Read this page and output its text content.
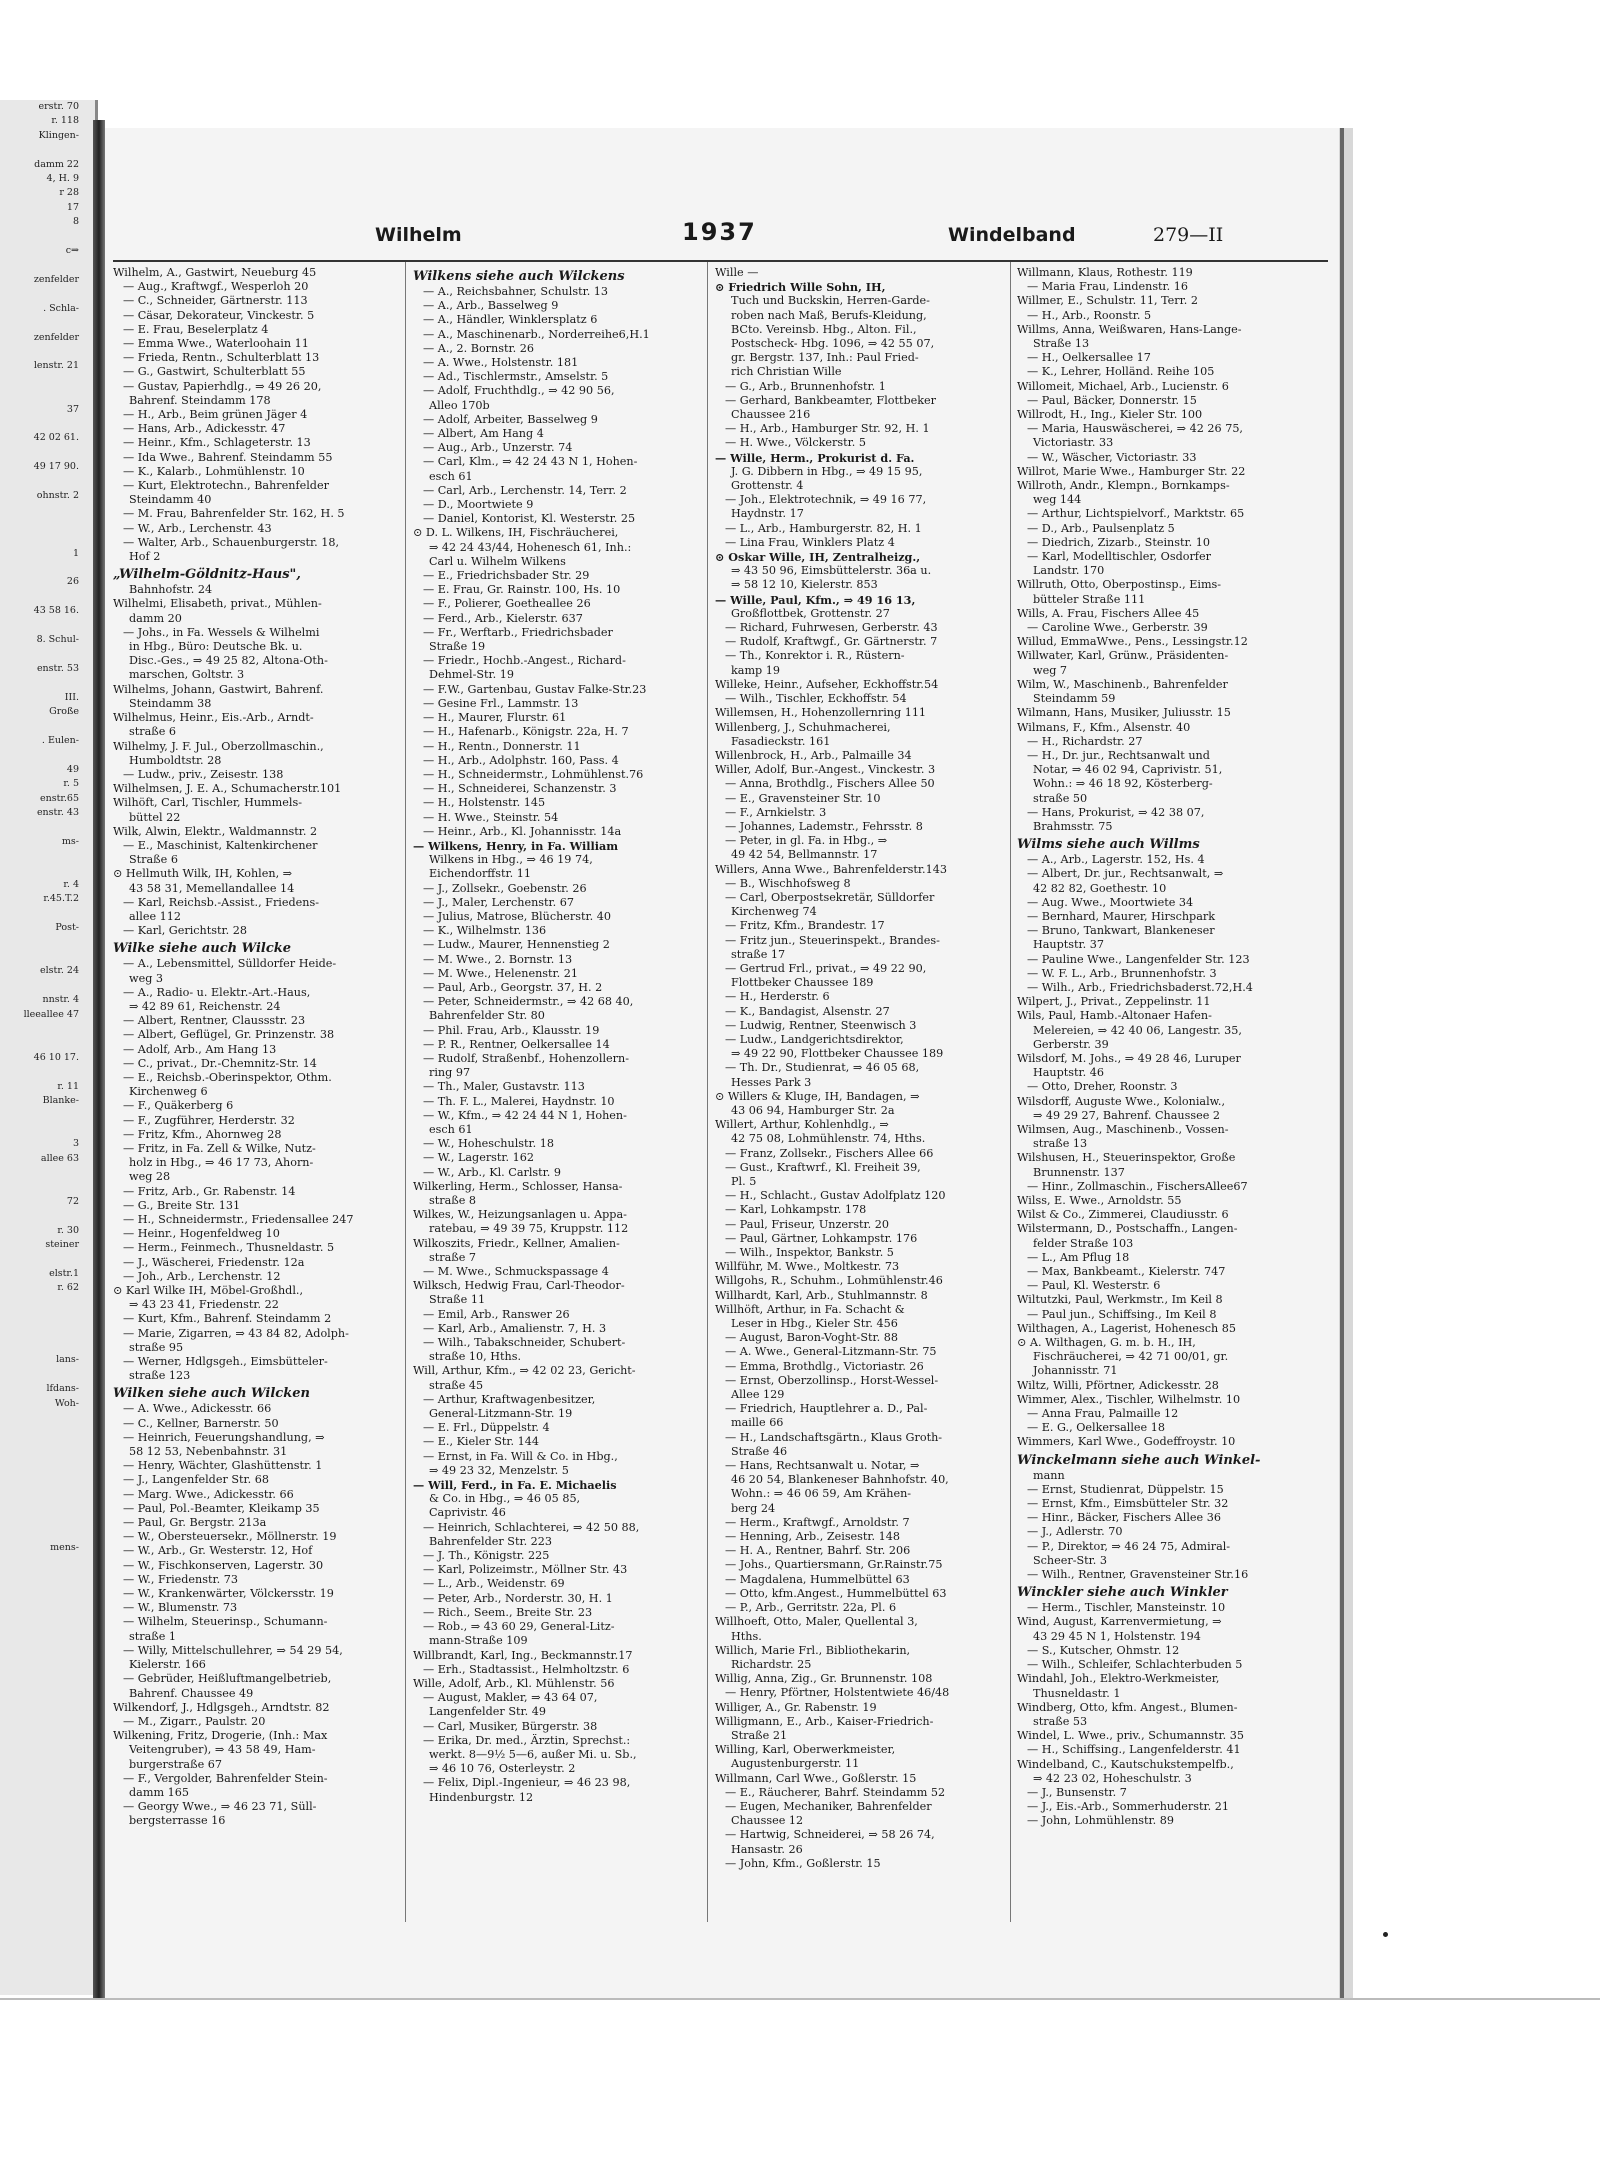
erstr. 70
r. 118
Klingen-

damm 22
4, H. 9
r 28
17
8

c⇒

zenfelder

. Schla-

zenfelder

lenstr. 21

37

42 02 61.

49 17 90.

ohnstr. 2

1

26

43 58 16.

8. Schul-

enstr. 53

III.
Große

. Eulen-

49
r. 5
enstr.65
enstr. 43

ms-

r. 4
r.45.T.2

Post-

elstr. 24

nnstr. 4
lleeallee 47

46 10 17.

r. 11
Blanke-

3
allee 63

72

r. 30
steiner

elstr.1
r. 62

lans-

lfdans-
Woh-

mens-
Wilhelm	1937	Windelband	279—II
Wilhelm, A., Gastwirt, Neueburg 45
— Aug., Kraftwgf., Wesperloh 20
— C., Schneider, Gärtnerstr. 113
— Cäsar, Dekorateur, Vinckestr. 5
— E. Frau, Beselerplatz 4
— Emma Wwe., Waterloohain 11
— Frieda, Rentn., Schulterblatt 13
— G., Gastwirt, Schulterblatt 55
— Gustav, Papierhdlg., ⇒ 49 26 20,
Bahrenf. Steindamm 178
— H., Arb., Beim grünen Jäger 4
— Hans, Arb., Adickesstr. 47
— Heinr., Kfm., Schlageterstr. 13
— Ida Wwe., Bahrenf. Steindamm 55
— K., Kalarb., Lohmühlenstr. 10
— Kurt, Elektrotechn., Bahrenfelder
Steindamm 40
— M. Frau, Bahrenfelder Str. 162, H. 5
— W., Arb., Lerchenstr. 43
— Walter, Arb., Schauenburgerstr. 18,
Hof 2
„Wilhelm-Göldnitz-Haus",
Bahnhofstr. 24
Wilhelmi, Elisabeth, privat., Mühlen-
damm 20
— Johs., in Fa. Wessels & Wilhelmi
in Hbg., Büro: Deutsche Bk. u.
Disc.-Ges., ⇒ 49 25 82, Altona-Oth-
marschen, Goltstr. 3
Wilhelms, Johann, Gastwirt, Bahrenf.
Steindamm 38
Wilhelmus, Heinr., Eis.-Arb., Arndt-
straße 6
Wilhelmy, J. F. Jul., Oberzollmaschin.,
Humboldtstr. 28
— Ludw., priv., Zeisestr. 138
Wilhelmsen, J. E. A., Schumacherstr.101
Wilhöft, Carl, Tischler, Hummels-
büttel 22
Wilk, Alwin, Elektr., Waldmannstr. 2
— E., Maschinist, Kaltenkirchener
Straße 6
⊙ Hellmuth Wilk, IH, Kohlen, ⇒
43 58 31, Memellandallee 14
— Karl, Reichsb.-Assist., Friedens-
allee 112
— Karl, Gerichtstr. 28
Wilke siehe auch Wilcke
— A., Lebensmittel, Sülldorfer Heide-
weg 3
— A., Radio- u. Elektr.-Art.-Haus,
⇒ 42 89 61, Reichenstr. 24
— Albert, Rentner, Claussstr. 23
— Albert, Geflügel, Gr. Prinzenstr. 38
— Adolf, Arb., Am Hang 13
— C., privat., Dr.-Chemnitz-Str. 14
— E., Reichsb.-Oberinspektor, Othm.
Kirchenweg 6
— F., Quäkerberg 6
— F., Zugführer, Herderstr. 32
— Fritz, Kfm., Ahornweg 28
— Fritz, in Fa. Zell & Wilke, Nutz-
holz in Hbg., ⇒ 46 17 73, Ahorn-
weg 28
— Fritz, Arb., Gr. Rabenstr. 14
— G., Breite Str. 131
— H., Schneidermstr., Friedensallee 247
— Heinr., Hogenfeldweg 10
— Herm., Feinmech., Thusneldastr. 5
— J., Wäscherei, Friedenstr. 12a
— Joh., Arb., Lerchenstr. 12
⊙ Karl Wilke IH, Möbel-Großhdl.,
⇒ 43 23 41, Friedenstr. 22
— Kurt, Kfm., Bahrenf. Steindamm 2
— Marie, Zigarren, ⇒ 43 84 82, Adolph-
straße 95
— Werner, Hdlgsgeh., Eimsbütteler-
straße 123
Wilken siehe auch Wilcken
— A. Wwe., Adickesstr. 66
— C., Kellner, Barnerstr. 50
— Heinrich, Feuerungshandlung, ⇒
58 12 53, Nebenbahnstr. 31
— Henry, Wächter, Glashüttenstr. 1
— J., Langenfelder Str. 68
— Marg. Wwe., Adickesstr. 66
— Paul, Pol.-Beamter, Kleikamp 35
— Paul, Gr. Bergstr. 213a
— W., Obersteuersekr., Möllnerstr. 19
— W., Arb., Gr. Westerstr. 12, Hof
— W., Fischkonserven, Lagerstr. 30
— W., Friedenstr. 73
— W., Krankenwärter, Völckersstr. 19
— W., Blumenstr. 73
— Wilhelm, Steuerinsp., Schumann-
straße 1
— Willy, Mittelschullehrer, ⇒ 54 29 54,
Kielerstr. 166
— Gebrüder, Heißluftmangelbetrieb,
Bahrenf. Chaussee 49
Wilkendorf, J., Hdlgsgeh., Arndtstr. 82
— M., Zigarr., Paulstr. 20
Wilkening, Fritz, Drogerie, (Inh.: Max
Veitengruber), ⇒ 43 58 49, Ham-
burgerstraße 67
— F., Vergolder, Bahrenfelder Stein-
damm 165
— Georgy Wwe., ⇒ 46 23 71, Süll-
bergsterrasse 16
Wilkens siehe auch Wilckens
— A., Reichsbahner, Schulstr. 13
— A., Arb., Basselweg 9
— A., Händler, Winklersplatz 6
— A., Maschinenarb., Norderreihe6,H.1
— A., 2. Bornstr. 26
— A. Wwe., Holstenstr. 181
— Ad., Tischlermstr., Amselstr. 5
— Adolf, Fruchthdlg., ⇒ 42 90 56,
Alleo 170b
— Adolf, Arbeiter, Basselweg 9
— Albert, Am Hang 4
— Aug., Arb., Unzerstr. 74
— Carl, Klm., ⇒ 42 24 43 N 1, Hohen-
esch 61
— Carl, Arb., Lerchenstr. 14, Terr. 2
— D., Moortwiete 9
— Daniel, Kontorist, Kl. Westerstr. 25
⊙ D. L. Wilkens, IH, Fischräucherei,
⇒ 42 24 43/44, Hohenesch 61, Inh.:
Carl u. Wilhelm Wilkens
— E., Friedrichsbader Str. 29
— E. Frau, Gr. Rainstr. 100, Hs. 10
— F., Polierer, Goetheallee 26
— Ferd., Arb., Kielerstr. 637
— Fr., Werftarb., Friedrichsbader
Straße 19
— Friedr., Hochb.-Angest., Richard-
Dehmel-Str. 19
— F.W., Gartenbau, Gustav Falke-Str.23
— Gesine Frl., Lammstr. 13
— H., Maurer, Flurstr. 61
— H., Hafenarb., Königstr. 22a, H. 7
— H., Rentn., Donnerstr. 11
— H., Arb., Adolphstr. 160, Pass. 4
— H., Schneidermstr., Lohmühlenst.76
— H., Schneiderei, Schanzenstr. 3
— H., Holstenstr. 145
— H. Wwe., Steinstr. 54
— Heinr., Arb., Kl. Johannisstr. 14a
— Wilkens, Henry, in Fa. William
Wilkens in Hbg., ⇒ 46 19 74,
Eichendorffstr. 11
— J., Zollsekr., Goebenstr. 26
— J., Maler, Lerchenstr. 67
— Julius, Matrose, Blücherstr. 40
— K., Wilhelmstr. 136
— Ludw., Maurer, Hennenstieg 2
— M. Wwe., 2. Bornstr. 13
— M. Wwe., Helenenstr. 21
— Paul, Arb., Georgstr. 37, H. 2
— Peter, Schneidermstr., ⇒ 42 68 40,
Bahrenfelder Str. 80
— Phil. Frau, Arb., Klausstr. 19
— P. R., Rentner, Oelkersallee 14
— Rudolf, Straßenbf., Hohenzollern-
ring 97
— Th., Maler, Gustavstr. 113
— Th. F. L., Malerei, Haydnstr. 10
— W., Kfm., ⇒ 42 24 44 N 1, Hohen-
esch 61
— W., Hoheschulstr. 18
— W., Lagerstr. 162
— W., Arb., Kl. Carlstr. 9
Wilkerling, Herm., Schlosser, Hansa-
straße 8
Wilkes, W., Heizungsanlagen u. Appa-
ratebau, ⇒ 49 39 75, Kruppstr. 112
Wilkoszits, Friedr., Kellner, Amalien-
straße 7
— M. Wwe., Schmuckspassage 4
Wilksch, Hedwig Frau, Carl-Theodor-
Straße 11
— Emil, Arb., Ranswer 26
— Karl, Arb., Amalienstr. 7, H. 3
— Wilh., Tabakschneider, Schubert-
straße 10, Hths.
Will, Arthur, Kfm., ⇒ 42 02 23, Gericht-
straße 45
— Arthur, Kraftwagenbesitzer,
General-Litzmann-Str. 19
— E. Frl., Düppelstr. 4
— E., Kieler Str. 144
— Ernst, in Fa. Will & Co. in Hbg.,
⇒ 49 23 32, Menzelstr. 5
— Will, Ferd., in Fa. E. Michaelis
& Co. in Hbg., ⇒ 46 05 85,
Caprivistr. 46
— Heinrich, Schlachterei, ⇒ 42 50 88,
Bahrenfelder Str. 223
— J. Th., Königstr. 225
— Karl, Polizeimstr., Möllner Str. 43
— L., Arb., Weidenstr. 69
— Peter, Arb., Norderstr. 30, H. 1
— Rich., Seem., Breite Str. 23
— Rob., ⇒ 43 60 29, General-Litz-
mann-Straße 109
Willbrandt, Karl, Ing., Beckmannstr.17
— Erh., Stadtassist., Helmholtzstr. 6
Wille, Adolf, Arb., Kl. Mühlenstr. 56
— August, Makler, ⇒ 43 64 07,
Langenfelder Str. 49
— Carl, Musiker, Bürgerstr. 38
— Erika, Dr. med., Ärztin, Sprechst.:
werkt. 8—9½ 5—6, außer Mi. u. Sb.,
⇒ 46 10 76, Osterleystr. 2
— Felix, Dipl.-Ingenieur, ⇒ 46 23 98,
Hindenburgstr. 12
Wille —
⊙ Friedrich Wille Sohn, IH,
Tuch und Buckskin, Herren-Garde-
roben nach Maß, Berufs-Kleidung,
BCto. Vereinsb. Hbg., Alton. Fil.,
Postscheck- Hbg. 1096, ⇒ 42 55 07,
gr. Bergstr. 137, Inh.: Paul Fried-
rich Christian Wille
— G., Arb., Brunnenhofstr. 1
— Gerhard, Bankbeamter, Flottbeker
Chaussee 216
— H., Arb., Hamburger Str. 92, H. 1
— H. Wwe., Völckerstr. 5
— Wille, Herm., Prokurist d. Fa.
J. G. Dibbern in Hbg., ⇒ 49 15 95,
Grottenstr. 4
— Joh., Elektrotechnik, ⇒ 49 16 77,
Haydnstr. 17
— L., Arb., Hamburgerstr. 82, H. 1
— Lina Frau, Winklers Platz 4
⊙ Oskar Wille, IH, Zentralheizg.,
⇒ 43 50 96, Eimsbüttelerstr. 36a u.
⇒ 58 12 10, Kielerstr. 853
— Wille, Paul, Kfm., ⇒ 49 16 13,
Großflottbek, Grottenstr. 27
— Richard, Fuhrwesen, Gerberstr. 43
— Rudolf, Kraftwgf., Gr. Gärtnerstr. 7
— Th., Konrektor i. R., Rüstern-
kamp 19
Willeke, Heinr., Aufseher, Eckhoffstr.54
— Wilh., Tischler, Eckhoffstr. 54
Willemsen, H., Hohenzollernring 111
Willenberg, J., Schuhmacherei,
Fasadieckstr. 161
Willenbrock, H., Arb., Palmaille 34
Willer, Adolf, Bur.-Angest., Vinckestr. 3
— Anna, Brothdlg., Fischers Allee 50
— E., Gravensteiner Str. 10
— F., Arnkielstr. 3
— Johannes, Lademstr., Fehrsstr. 8
— Peter, in gl. Fa. in Hbg., ⇒
49 42 54, Bellmannstr. 17
Willers, Anna Wwe., Bahrenfelderstr.143
— B., Wischhofsweg 8
— Carl, Oberpostsekretär, Sülldorfer
Kirchenweg 74
— Fritz, Kfm., Brandestr. 17
— Fritz jun., Steuerinspekt., Brandes-
straße 17
— Gertrud Frl., privat., ⇒ 49 22 90,
Flottbeker Chaussee 189
— H., Herderstr. 6
— K., Bandagist, Alsenstr. 27
— Ludwig, Rentner, Steenwisch 3
— Ludw., Landgerichtsdirektor,
⇒ 49 22 90, Flottbeker Chaussee 189
— Th. Dr., Studienrat, ⇒ 46 05 68,
Hesses Park 3
⊙ Willers & Kluge, IH, Bandagen, ⇒
43 06 94, Hamburger Str. 2a
Willert, Arthur, Kohlenhdlg., ⇒
42 75 08, Lohmühlenstr. 74, Hths.
— Franz, Zollsekr., Fischers Allee 66
— Gust., Kraftwrf., Kl. Freiheit 39,
Pl. 5
— H., Schlacht., Gustav Adolfplatz 120
— Karl, Lohkampstr. 178
— Paul, Friseur, Unzerstr. 20
— Paul, Gärtner, Lohkampstr. 176
— Wilh., Inspektor, Bankstr. 5
Willführ, M. Wwe., Moltkestr. 73
Willgohs, R., Schuhm., Lohmühlenstr.46
Willhardt, Karl, Arb., Stuhlmannstr. 8
Willhöft, Arthur, in Fa. Schacht &
Leser in Hbg., Kieler Str. 456
— August, Baron-Voght-Str. 88
— A. Wwe., General-Litzmann-Str. 75
— Emma, Brothdlg., Victoriastr. 26
— Ernst, Oberzollinsp., Horst-Wessel-
Allee 129
— Friedrich, Hauptlehrer a. D., Pal-
maille 66
— H., Landschaftsgärtn., Klaus Groth-
Straße 46
— Hans, Rechtsanwalt u. Notar, ⇒
46 20 54, Blankeneser Bahnhofstr. 40,
Wohn.: ⇒ 46 06 59, Am Krähen-
berg 24
— Herm., Kraftwgf., Arnoldstr. 7
— Henning, Arb., Zeisestr. 148
— H. A., Rentner, Bahrf. Str. 206
— Johs., Quartiersmann, Gr.Rainstr.75
— Magdalena, Hummelbüttel 63
— Otto, kfm.Angest., Hummelbüttel 63
— P., Arb., Gerritstr. 22a, Pl. 6
Willhoeft, Otto, Maler, Quellental 3,
Hths.
Willich, Marie Frl., Bibliothekarin,
Richardstr. 25
Willig, Anna, Zig., Gr. Brunnenstr. 108
— Henry, Pförtner, Holstentwiete 46/48
Williger, A., Gr. Rabenstr. 19
Willigmann, E., Arb., Kaiser-Friedrich-
Straße 21
Willing, Karl, Oberwerkmeister,
Augustenburgerstr. 11
Willmann, Carl Wwe., Goßlerstr. 15
— E., Räucherer, Bahrf. Steindamm 52
— Eugen, Mechaniker, Bahrenfelder
Chaussee 12
— Hartwig, Schneiderei, ⇒ 58 26 74,
Hansastr. 26
— John, Kfm., Goßlerstr. 15
Willmann, Klaus, Rothestr. 119
— Maria Frau, Lindenstr. 16
Willmer, E., Schulstr. 11, Terr. 2
— H., Arb., Roonstr. 5
Willms, Anna, Weißwaren, Hans-Lange-
Straße 13
— H., Oelkersallee 17
— K., Lehrer, Holländ. Reihe 105
Willomeit, Michael, Arb., Lucienstr. 6
— Paul, Bäcker, Donnerstr. 15
Willrodt, H., Ing., Kieler Str. 100
— Maria, Hauswäscherei, ⇒ 42 26 75,
Victoriastr. 33
— W., Wäscher, Victoriastr. 33
Willrot, Marie Wwe., Hamburger Str. 22
Willroth, Andr., Klempn., Bornkamps-
weg 144
— Arthur, Lichtspielvorf., Marktstr. 65
— D., Arb., Paulsenplatz 5
— Diedrich, Zizarb., Steinstr. 10
— Karl, Modelltischler, Osdorfer
Landstr. 170
Willruth, Otto, Oberpostinsp., Eims-
bütteler Straße 111
Wills, A. Frau, Fischers Allee 45
— Caroline Wwe., Gerberstr. 39
Willud, EmmaWwe., Pens., Lessingstr.12
Willwater, Karl, Grünw., Präsidenten-
weg 7
Wilm, W., Maschinenb., Bahrenfelder
Steindamm 59
Wilmann, Hans, Musiker, Juliusstr. 15
Wilmans, F., Kfm., Alsenstr. 40
— H., Richardstr. 27
— H., Dr. jur., Rechtsanwalt und
Notar, ⇒ 46 02 94, Caprivistr. 51,
Wohn.: ⇒ 46 18 92, Kösterberg-
straße 50
— Hans, Prokurist, ⇒ 42 38 07,
Brahmsstr. 75
Wilms siehe auch Willms
— A., Arb., Lagerstr. 152, Hs. 4
— Albert, Dr. jur., Rechtsanwalt, ⇒
42 82 82, Goethestr. 10
— Aug. Wwe., Moortwiete 34
— Bernhard, Maurer, Hirschpark
— Bruno, Tankwart, Blankeneser
Hauptstr. 37
— Pauline Wwe., Langenfelder Str. 123
— W. F. L., Arb., Brunnenhofstr. 3
— Wilh., Arb., Friedrichsbaderst.72,H.4
Wilpert, J., Privat., Zeppelinstr. 11
Wils, Paul, Hamb.-Altonaer Hafen-
Melereien, ⇒ 42 40 06, Langestr. 35,
Gerberstr. 39
Wilsdorf, M. Johs., ⇒ 49 28 46, Luruper
Hauptstr. 46
— Otto, Dreher, Roonstr. 3
Wilsdorff, Auguste Wwe., Kolonialw.,
⇒ 49 29 27, Bahrenf. Chaussee 2
Wilmsen, Aug., Maschinenb., Vossen-
straße 13
Wilshusen, H., Steuerinspektor, Große
Brunnenstr. 137
— Hinr., Zollmaschin., FischersAllee67
Wilss, E. Wwe., Arnoldstr. 55
Wilst & Co., Zimmerei, Claudiusstr. 6
Wilstermann, D., Postschaffn., Langen-
felder Straße 103
— L., Am Pflug 18
— Max, Bankbeamt., Kielerstr. 747
— Paul, Kl. Westerstr. 6
Wiltutzki, Paul, Werkmstr., Im Keil 8
— Paul jun., Schiffsing., Im Keil 8
Wilthagen, A., Lagerist, Hohenesch 85
⊙ A. Wilthagen, G. m. b. H., IH,
Fischräucherei, ⇒ 42 71 00/01, gr.
Johannisstr. 71
Wiltz, Willi, Pförtner, Adickesstr. 28
Wimmer, Alex., Tischler, Wilhelmstr. 10
— Anna Frau, Palmaille 12
— E. G., Oelkersallee 18
Wimmers, Karl Wwe., Godeffroystr. 10
Winckelmann siehe auch Winkel-
mann
— Ernst, Studienrat, Düppelstr. 15
— Ernst, Kfm., Eimsbütteler Str. 32
— Hinr., Bäcker, Fischers Allee 36
— J., Adlerstr. 70
— P., Direktor, ⇒ 46 24 75, Admiral-
Scheer-Str. 3
— Wilh., Rentner, Gravensteiner Str.16
Winckler siehe auch Winkler
— Herm., Tischler, Mansteinstr. 10
Wind, August, Karrenvermietung, ⇒
43 29 45 N 1, Holstenstr. 194
— S., Kutscher, Ohmstr. 12
— Wilh., Schleifer, Schlachterbuden 5
Windahl, Joh., Elektro-Werkmeister,
Thusneldastr. 1
Windberg, Otto, kfm. Angest., Blumen-
straße 53
Windel, L. Wwe., priv., Schumannstr. 35
— H., Schiffsing., Langenfelderstr. 41
Windelband, C., Kautschukstempelfb.,
⇒ 42 23 02, Hoheschulstr. 3
— J., Bunsenstr. 7
— J., Eis.-Arb., Sommerhuderstr. 21
— John, Lohmühlenstr. 89
